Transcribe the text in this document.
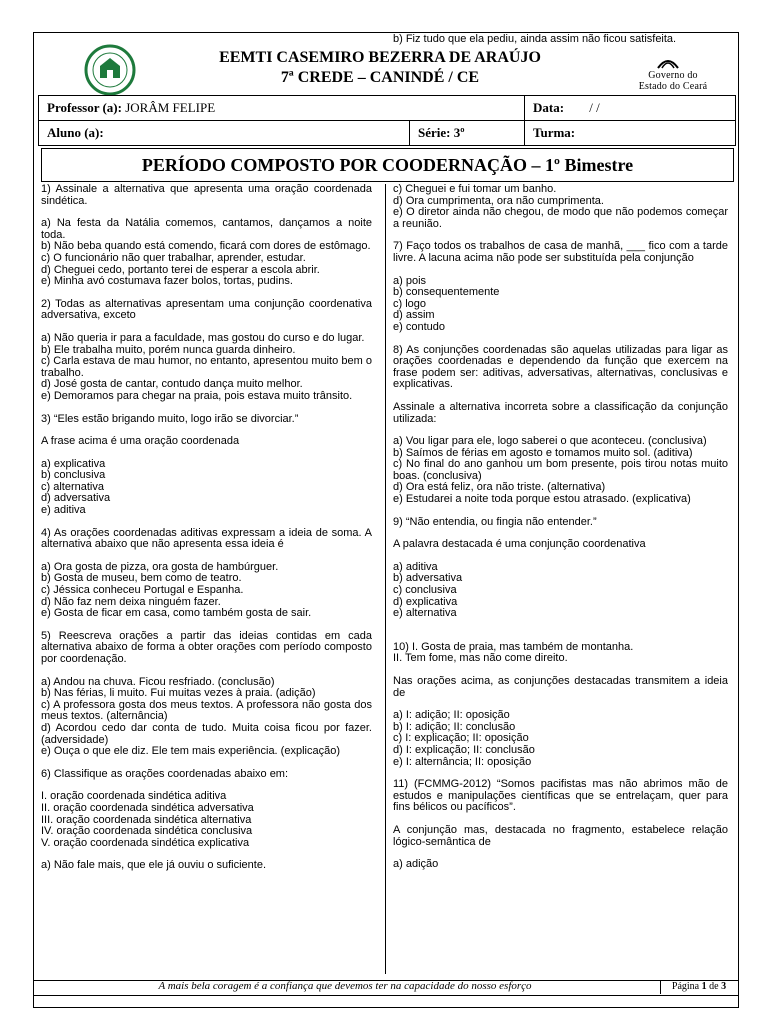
b) Fiz tudo que ela pediu, ainda assim não ficou satisfeita.
EEMTI CASEMIRO BEZERRA DE ARAÚJO
7ª CREDE – CANINDÉ / CE	Governo do
Estado do Ceará
Professor (a): JORÂM FELIPE		Data: / /
Aluno (a):	Série: 3º	Turma:
PERÍODO COMPOSTO POR COODERNAÇÃO – 1º Bimestre

1) Assinale a alternativa que apresenta uma oração coordenada sindética.

a) Na festa da Natália comemos, cantamos, dançamos a noite toda.

b) Não beba quando está comendo, ficará com dores de estômago.

c) O funcionário não quer trabalhar, aprender, estudar.

d) Cheguei cedo, portanto terei de esperar a escola abrir.

e) Minha avó costumava fazer bolos, tortas, pudins.

2) Todas as alternativas apresentam uma conjunção coordenativa adversativa, exceto

a) Não queria ir para a faculdade, mas gostou do curso e do lugar.

b) Ele trabalha muito, porém nunca guarda dinheiro.

c) Carla estava de mau humor, no entanto, apresentou muito bem o trabalho.

d) José gosta de cantar, contudo dança muito melhor.

e) Demoramos para chegar na praia, pois estava muito trânsito.

3) “Eles estão brigando muito, logo irão se divorciar.”

A frase acima é uma oração coordenada

a) explicativa

b) conclusiva

c) alternativa

d) adversativa

e) aditiva

4) As orações coordenadas aditivas expressam a ideia de soma. A alternativa abaixo que não apresenta essa ideia é

a) Ora gosta de pizza, ora gosta de hambúrguer.

b) Gosta de museu, bem como de teatro.

c) Jéssica conheceu Portugal e Espanha.

d) Não faz nem deixa ninguém fazer.

e) Gosta de ficar em casa, como também gosta de sair.

5) Reescreva orações a partir das ideias contidas em cada alternativa abaixo de forma a obter orações com período composto por coordenação.

a) Andou na chuva. Ficou resfriado. (conclusão)

b) Nas férias, li muito. Fui muitas vezes à praia. (adição)

c) A professora gosta dos meus textos. A professora não gosta dos meus textos. (alternância)

d) Acordou cedo dar conta de tudo. Muita coisa ficou por fazer. (adversidade)

e) Ouça o que ele diz. Ele tem mais experiência. (explicação)

6) Classifique as orações coordenadas abaixo em:

I. oração coordenada sindética aditiva

II. oração coordenada sindética adversativa

III. oração coordenada sindética alternativa

IV. oração coordenada sindética conclusiva

V. oração coordenada sindética explicativa

a) Não fale mais, que ele já ouviu o suficiente.

c) Cheguei e fui tomar um banho.

d) Ora cumprimenta, ora não cumprimenta.

e) O diretor ainda não chegou, de modo que não podemos começar a reunião.

7) Faço todos os trabalhos de casa de manhã, ___ fico com a tarde livre. A lacuna acima não pode ser substituída pela conjunção

a) pois

b) consequentemente

c) logo

d) assim

e) contudo

8) As conjunções coordenadas são aquelas utilizadas para ligar as orações coordenadas e dependendo da função que exercem na frase podem ser: aditivas, adversativas, alternativas, conclusivas e explicativas.

Assinale a alternativa incorreta sobre a classificação da conjunção utilizada:

a) Vou ligar para ele, logo saberei o que aconteceu. (conclusiva)

b) Saímos de férias em agosto e tomamos muito sol. (aditiva)

c) No final do ano ganhou um bom presente, pois tirou notas muito boas. (conclusiva)

d) Ora está feliz, ora não triste. (alternativa)

e) Estudarei a noite toda porque estou atrasado. (explicativa)

9) “Não entendia, ou fingia não entender.”

A palavra destacada é uma conjunção coordenativa

a) aditiva

b) adversativa

c) conclusiva

d) explicativa

e) alternativa

10) I. Gosta de praia, mas também de montanha.

II. Tem fome, mas não come direito.

Nas orações acima, as conjunções destacadas transmitem a ideia de

a) I: adição; II: oposição

b) I: adição; II: conclusão

c) I: explicação; II: oposição

d) I: explicação; II: conclusão

e) I: alternância; II: oposição

11) (FCMMG-2012) “Somos pacifistas mas não abrimos mão de estudos e manipulações científicas que se entrelaçam, quer para fins bélicos ou pacíficos”.

A conjunção mas, destacada no fragmento, estabelece relação lógico-semântica de

a) adição

A mais bela coragem é a confiança que devemos ter na capacidade do nosso esforço	Página 1 de 3
